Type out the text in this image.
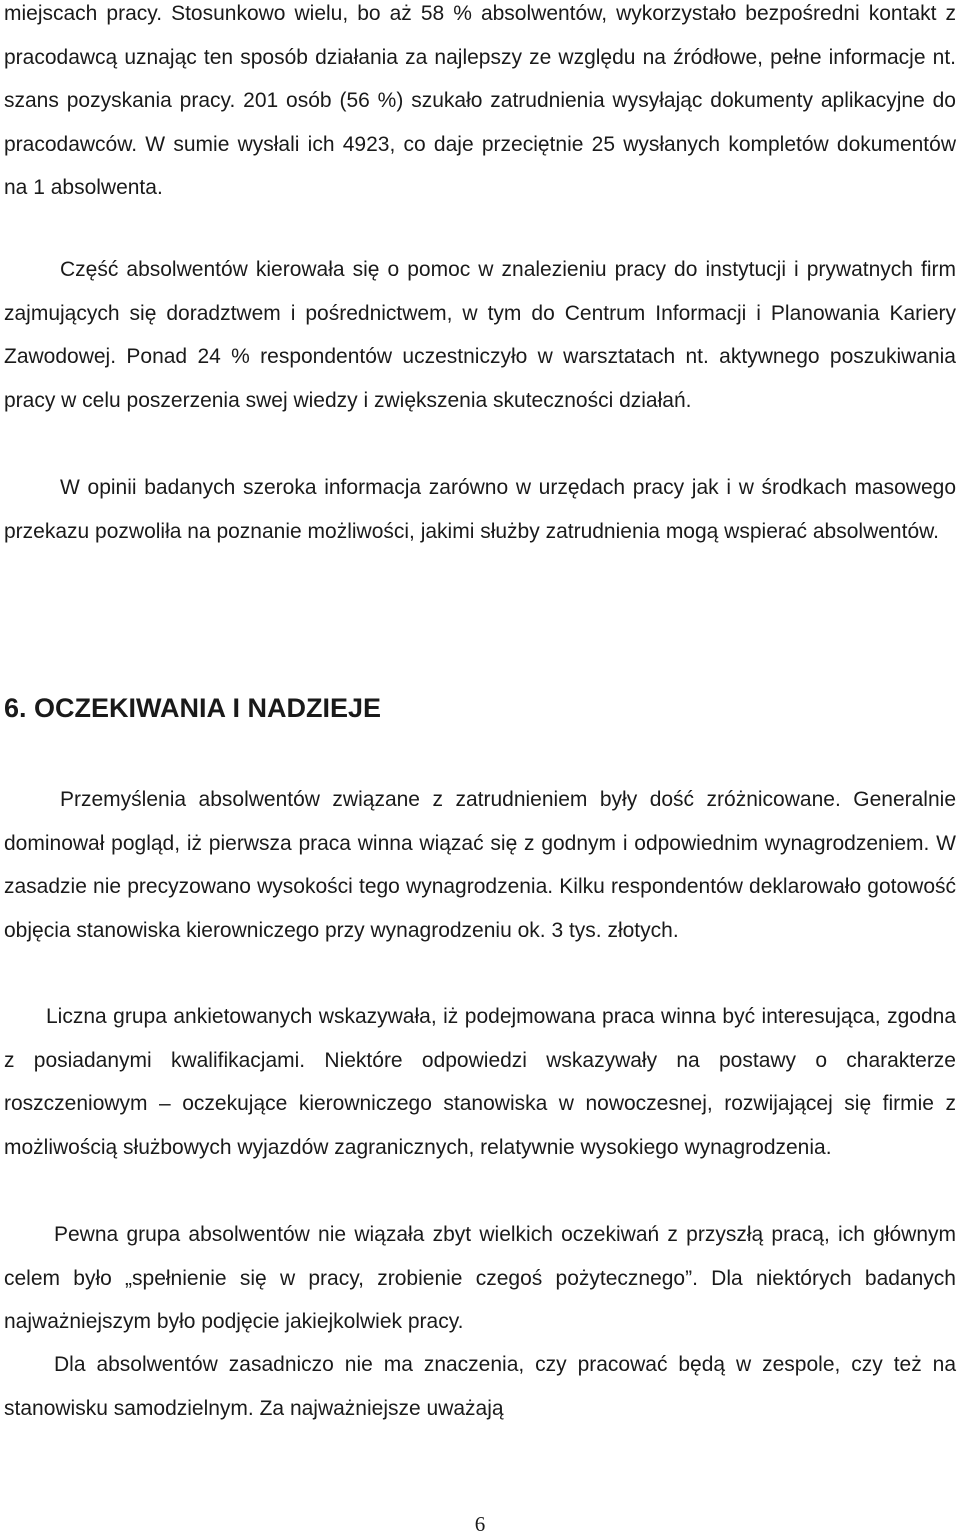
miejscach pracy. Stosunkowo wielu, bo aż 58 % absolwentów, wykorzystało bezpośredni kontakt z pracodawcą uznając ten sposób działania za najlepszy ze względu na źródłowe, pełne informacje nt. szans pozyskania pracy. 201 osób (56 %) szukało zatrudnienia wysyłając dokumenty aplikacyjne do pracodawców. W sumie wysłali ich 4923, co daje przeciętnie 25 wysłanych kompletów dokumentów na 1 absolwenta.

Część absolwentów kierowała się o pomoc w znalezieniu pracy do instytucji i prywatnych firm zajmujących się doradztwem i pośrednictwem, w tym do Centrum Informacji i Planowania Kariery Zawodowej. Ponad 24 % respondentów uczestniczyło w warsztatach nt. aktywnego poszukiwania pracy w celu poszerzenia swej wiedzy i zwiększenia skuteczności działań.

W opinii badanych szeroka informacja zarówno w urzędach pracy jak i w środkach masowego przekazu pozwoliła na poznanie możliwości, jakimi służby zatrudnienia mogą wspierać absolwentów.

6. OCZEKIWANIA I NADZIEJE

Przemyślenia absolwentów związane z zatrudnieniem były dość zróżnicowane. Generalnie dominował pogląd, iż pierwsza praca winna wiązać się z godnym i odpowiednim wynagrodzeniem. W zasadzie nie precyzowano wysokości tego wynagrodzenia. Kilku respondentów deklarowało gotowość objęcia stanowiska kierowniczego przy wynagrodzeniu ok. 3 tys. złotych.

Liczna grupa ankietowanych wskazywała, iż podejmowana praca winna być interesująca, zgodna z posiadanymi kwalifikacjami. Niektóre odpowiedzi wskazywały na postawy o charakterze roszczeniowym – oczekujące kierowniczego stanowiska w nowoczesnej, rozwijającej się firmie z możliwością służbowych wyjazdów zagranicznych, relatywnie wysokiego wynagrodzenia.

Pewna grupa absolwentów nie wiązała zbyt wielkich oczekiwań z przyszłą pracą, ich głównym celem było „spełnienie się w pracy, zrobienie czegoś pożytecznego”. Dla niektórych badanych najważniejszym było podjęcie jakiejkolwiek pracy.

Dla absolwentów zasadniczo nie ma znaczenia, czy pracować będą w zespole, czy też na stanowisku samodzielnym. Za najważniejsze uważają

6
